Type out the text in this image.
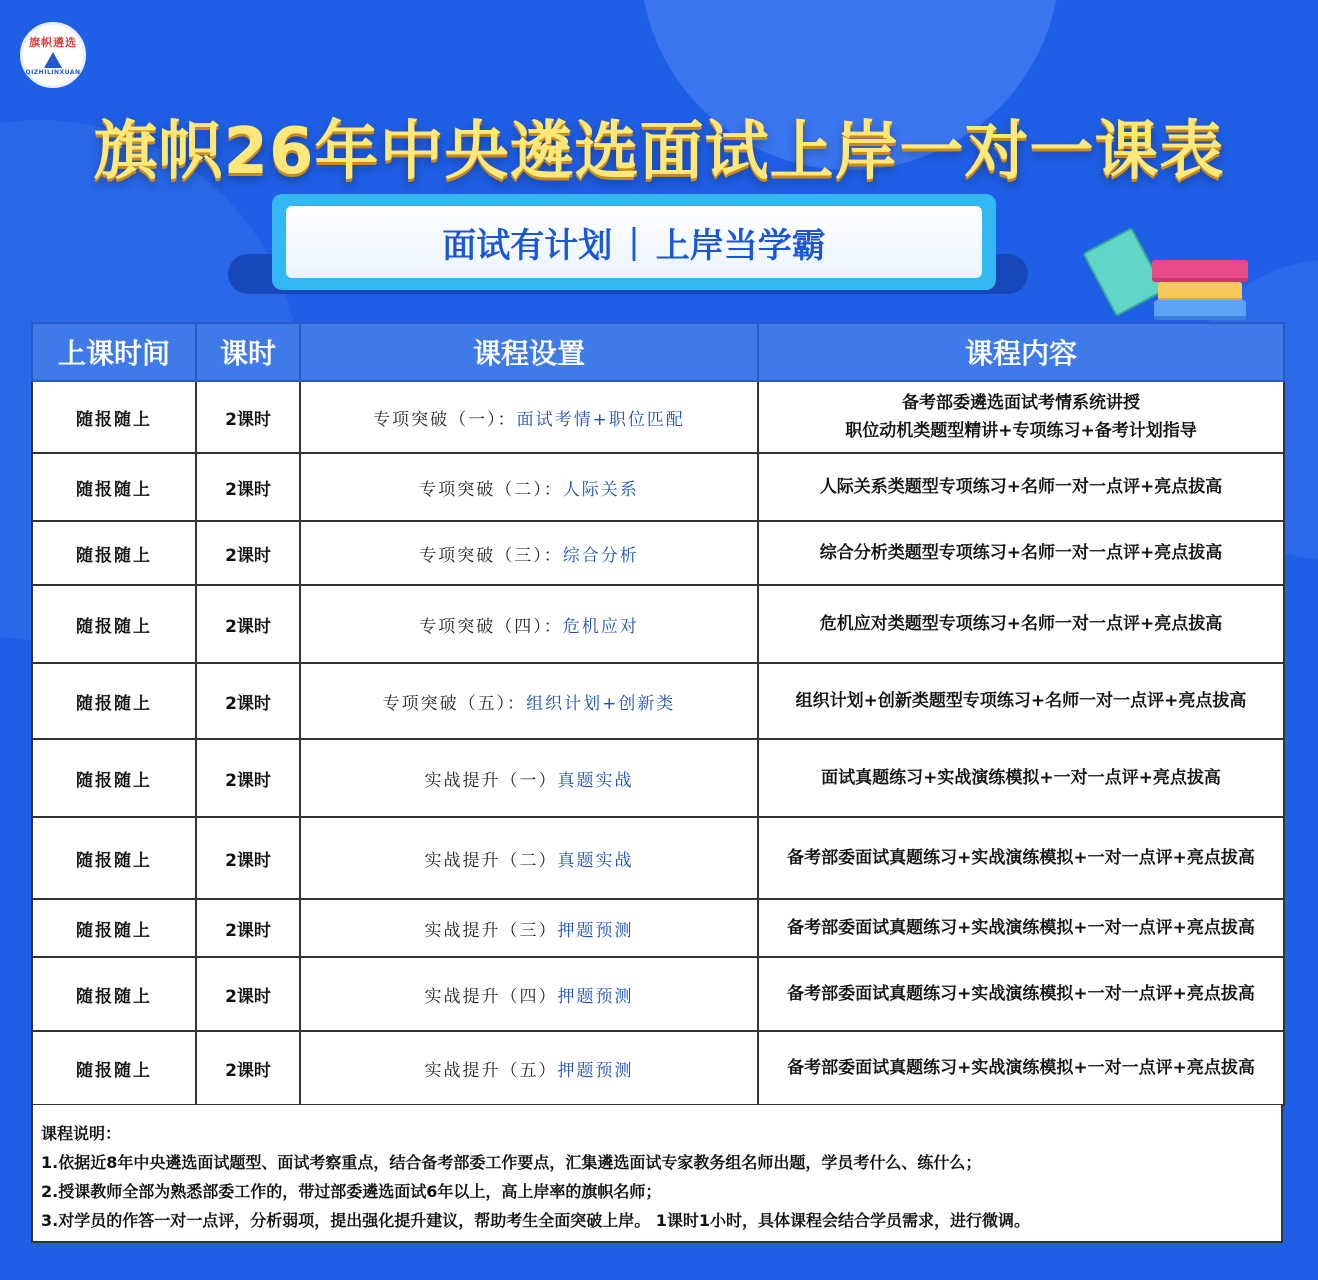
旗帜遴选
QIZHILINXUAN
旗帜26年中央遴选面试上岸一对一课表
面试有计划 | 上岸当学霸
上课时间	课时	课程设置	课程内容
随报随上	2课时	专项突破（一）：面试考情+职位匹配	备考部委遴选面试考情系统讲授
职位动机类题型精讲+专项练习+备考计划指导

随报随上	2课时	专项突破（二）：人际关系	人际关系类题型专项练习+名师一对一点评+亮点拔高

随报随上	2课时	专项突破（三）：综合分析	综合分析类题型专项练习+名师一对一点评+亮点拔高

随报随上	2课时	专项突破（四）：危机应对	危机应对类题型专项练习+名师一对一点评+亮点拔高

随报随上	2课时	专项突破（五）：组织计划+创新类	组织计划+创新类题型专项练习+名师一对一点评+亮点拔高

随报随上	2课时	实战提升（一）真题实战	面试真题练习+实战演练模拟+一对一点评+亮点拔高

随报随上	2课时	实战提升（二）真题实战	备考部委面试真题练习+实战演练模拟+一对一点评+亮点拔高

随报随上	2课时	实战提升（三）押题预测	备考部委面试真题练习+实战演练模拟+一对一点评+亮点拔高

随报随上	2课时	实战提升（四）押题预测	备考部委面试真题练习+实战演练模拟+一对一点评+亮点拔高

随报随上	2课时	实战提升（五）押题预测	备考部委面试真题练习+实战演练模拟+一对一点评+亮点拔高
课程说明：
1.依据近8年中央遴选面试题型、面试考察重点，结合备考部委工作要点，汇集遴选面试专家教务组名师出题，学员考什么、练什么；
2.授课教师全部为熟悉部委工作的，带过部委遴选面试6年以上，高上岸率的旗帜名师；
3.对学员的作答一对一点评，分析弱项，提出强化提升建议，帮助考生全面突破上岸。 1课时1小时，具体课程会结合学员需求，进行微调。
